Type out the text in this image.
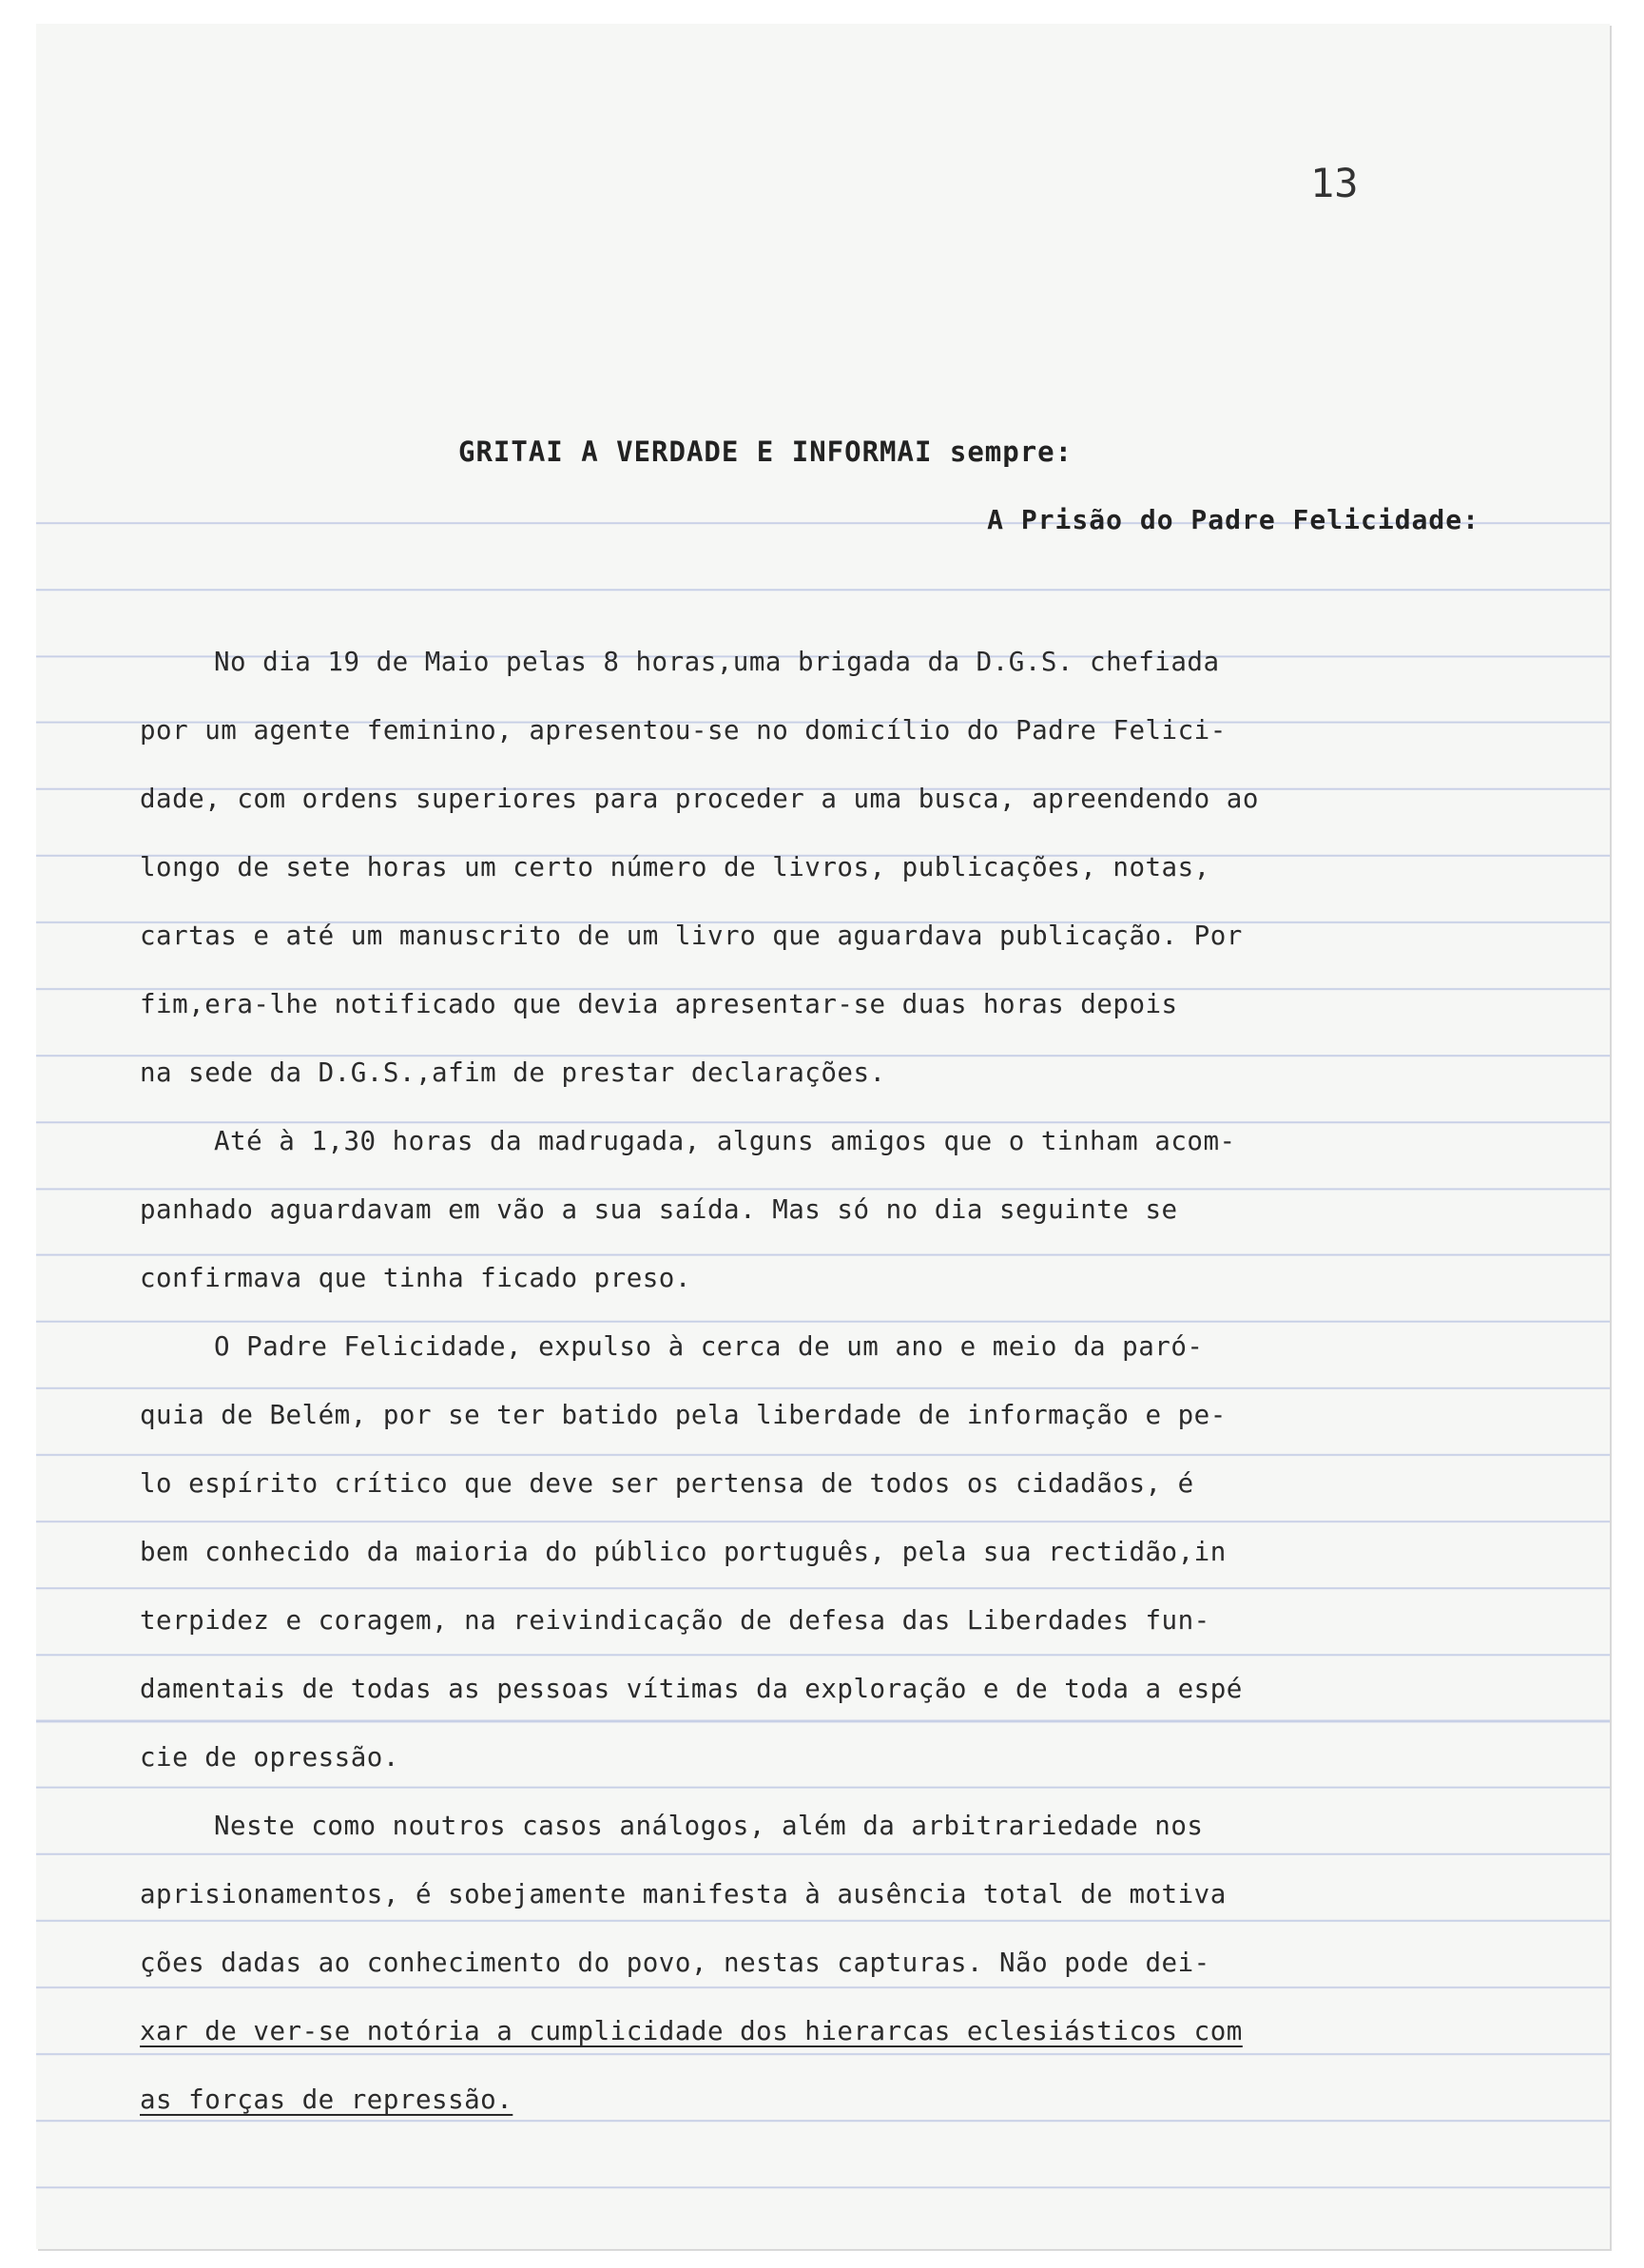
13
GRITAI A VERDADE E INFORMAI sempre:
A Prisão do Padre Felicidade:
No dia 19 de Maio pelas 8 horas,uma brigada da D.G.S. chefiada
por um agente feminino, apresentou-se no domicílio do Padre Felici-
dade, com ordens superiores para proceder a uma busca, apreendendo ao
longo de sete horas um certo número de livros, publicações, notas,
cartas e até um manuscrito de um livro que aguardava publicação. Por
fim,era-lhe notificado que devia apresentar-se duas horas depois
na sede da D.G.S.,afim de prestar declarações.
Até à 1,30 horas da madrugada, alguns amigos que o tinham acom-
panhado aguardavam em vão a sua saída. Mas só no dia seguinte se
confirmava que tinha ficado preso.
O Padre Felicidade, expulso à cerca de um ano e meio da paró-
quia de Belém, por se ter batido pela liberdade de informação e pe-
lo espírito crítico que deve ser pertensa de todos os cidadãos, é
bem conhecido da maioria do público português, pela sua rectidão,in
terpidez e coragem, na reivindicação de defesa das Liberdades fun-
damentais de todas as pessoas vítimas da exploração e de toda a espé
cie de opressão.
Neste como noutros casos análogos, além da arbitrariedade nos
aprisionamentos, é sobejamente manifesta à ausência total de motiva
ções dadas ao conhecimento do povo, nestas capturas. Não pode dei-
xar de ver-se notória a cumplicidade dos hierarcas eclesiásticos com
as forças de repressão.
